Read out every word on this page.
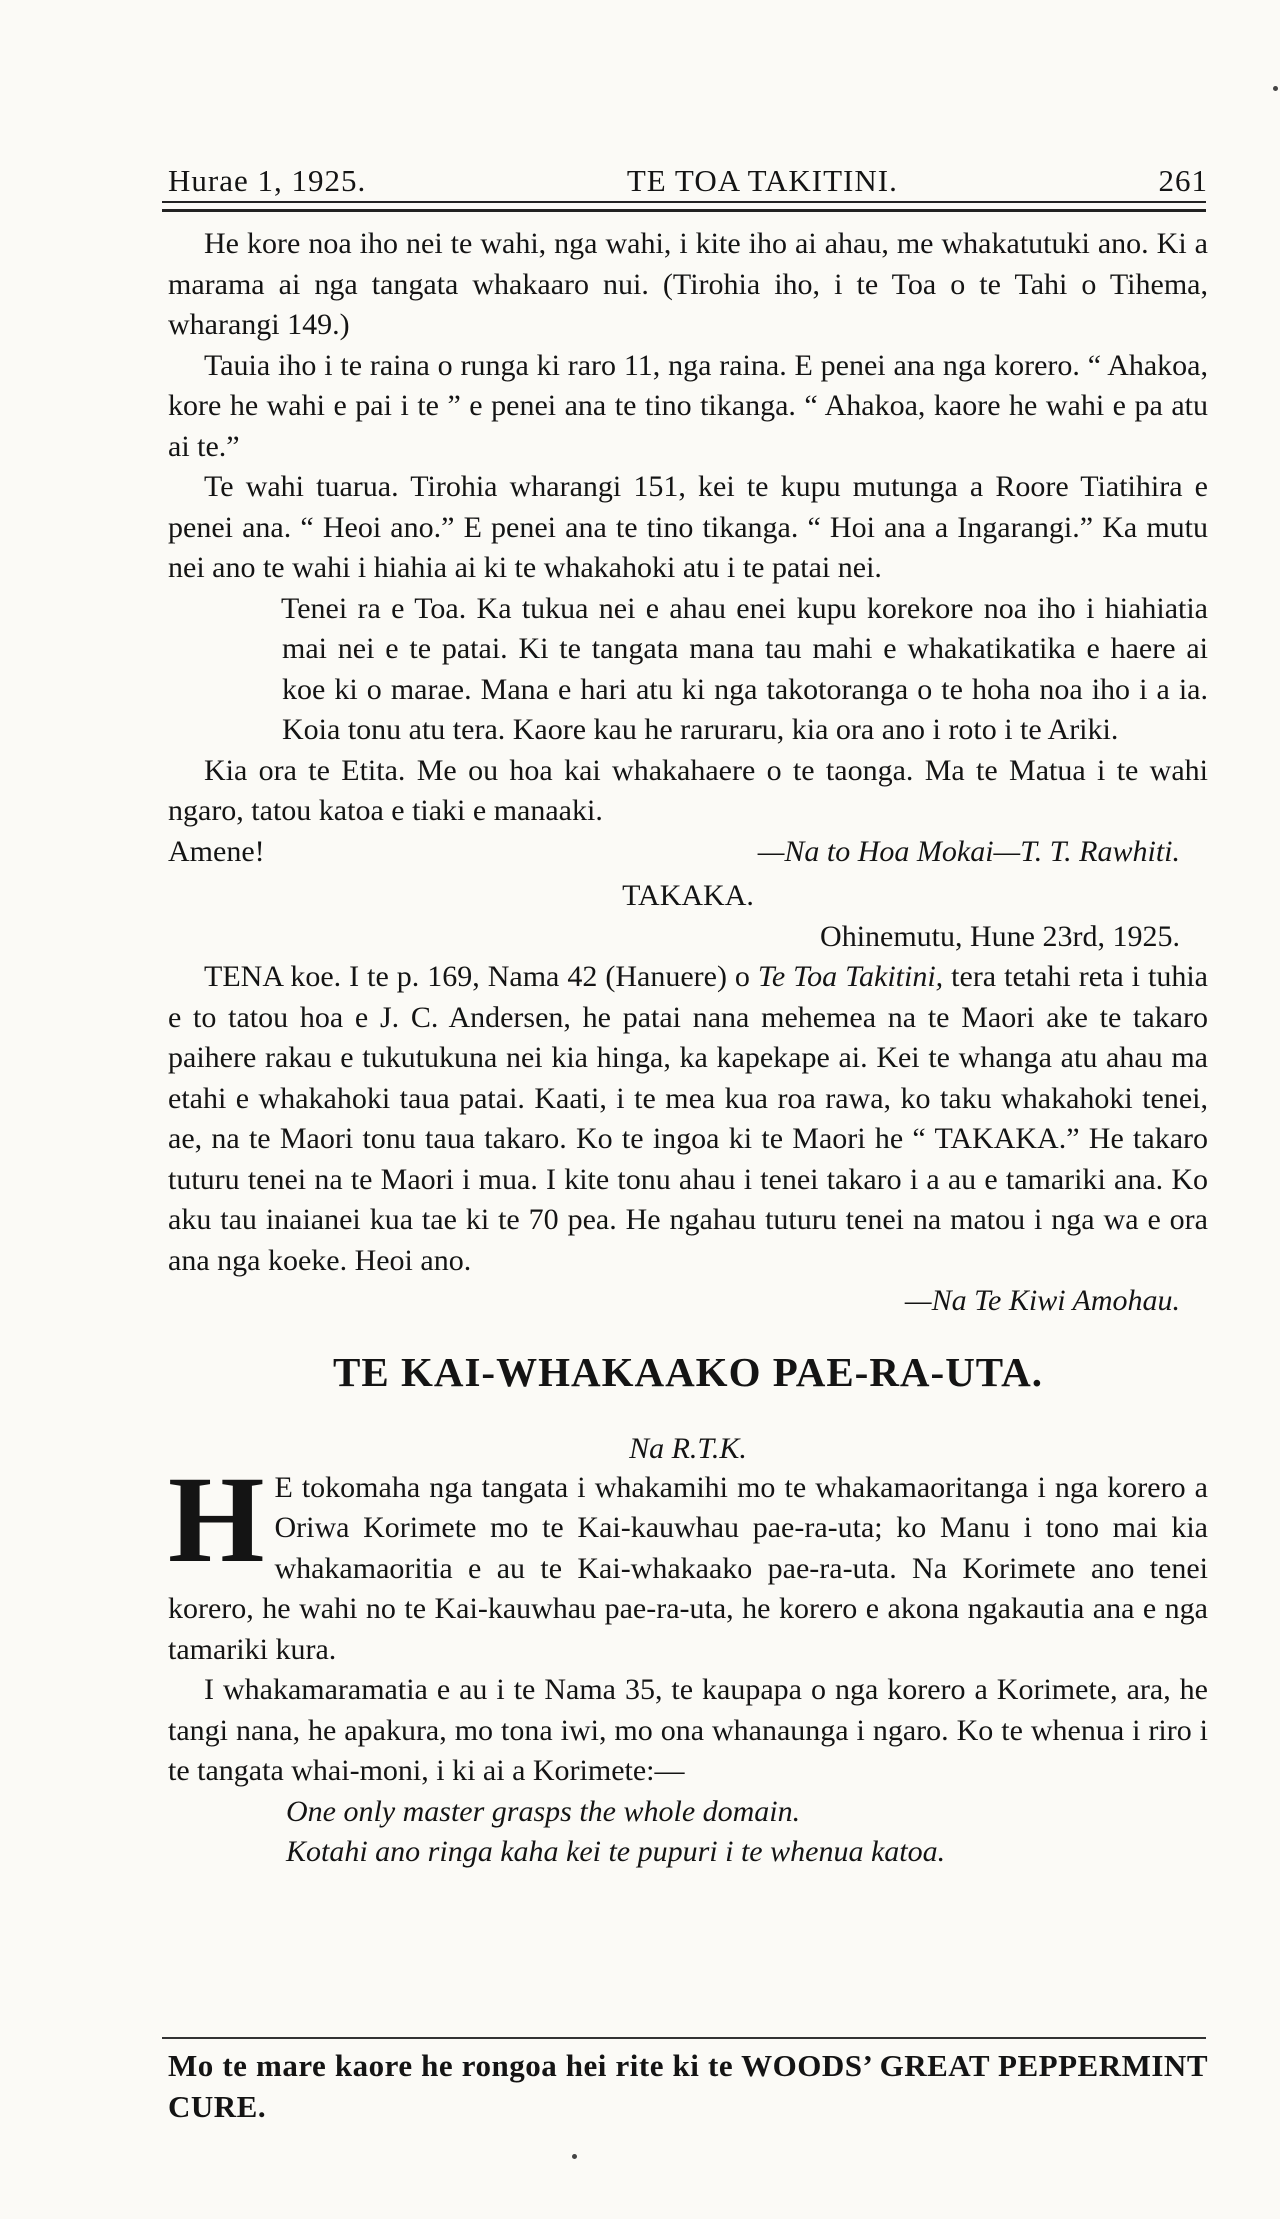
Hurae 1, 1925.	TE TOA TAKITINI.	261

He kore noa iho nei te wahi, nga wahi, i kite iho ai ahau, me whakatutuki ano. Ki a marama ai nga tangata whakaaro nui. (Tirohia iho, i te Toa o te Tahi o Tihema, wharangi 149.)

Tauia iho i te raina o runga ki raro 11, nga raina. E penei ana nga korero. “ Ahakoa, kore he wahi e pai i te ” e penei ana te tino tikanga. “ Ahakoa, kaore he wahi e pa atu ai te.”

Te wahi tuarua. Tirohia wharangi 151, kei te kupu mutunga a Roore Tiatihira e penei ana. “ Heoi ano.” E penei ana te tino tikanga. “ Hoi ana a Ingarangi.” Ka mutu nei ano te wahi i hiahia ai ki te whakahoki atu i te patai nei.

Tenei ra e Toa. Ka tukua nei e ahau enei kupu korekore noa iho i hiahiatia mai nei e te patai. Ki te tangata mana tau mahi e whakatikatika e haere ai koe ki o marae. Mana e hari atu ki nga takotoranga o te hoha noa iho i a ia. Koia tonu atu tera. Kaore kau he raruraru, kia ora ano i roto i te Ariki.

Kia ora te Etita. Me ou hoa kai whakahaere o te taonga. Ma te Matua i te wahi ngaro, tatou katoa e tiaki e manaaki.

Amene!	—Na to Hoa Mokai—T. T. Rawhiti.

TAKAKA.

Ohinemutu, Hune 23rd, 1925.

TENA koe. I te p. 169, Nama 42 (Hanuere) o Te Toa Takitini, tera tetahi reta i tuhia e to tatou hoa e J. C. Andersen, he patai nana mehemea na te Maori ake te takaro paihere rakau e tukutukuna nei kia hinga, ka kapekape ai. Kei te whanga atu ahau ma etahi e whakahoki taua patai. Kaati, i te mea kua roa rawa, ko taku whakahoki tenei, ae, na te Maori tonu taua takaro. Ko te ingoa ki te Maori he “ TAKAKA.” He takaro tuturu tenei na te Maori i mua. I kite tonu ahau i tenei takaro i a au e tamariki ana. Ko aku tau inaianei kua tae ki te 70 pea. He ngahau tuturu tenei na matou i nga wa e ora ana nga koeke. Heoi ano.

—Na Te Kiwi Amohau.

TE KAI-WHAKAAKO PAE-RA-UTA.

Na R.T.K.

H E tokomaha nga tangata i whakamihi mo te whakamaoritanga i nga korero a Oriwa Korimete mo te Kai-kauwhau pae-ra-uta; ko Manu i tono mai kia whakamaoritia e au te Kai-whakaako pae-ra-uta. Na Korimete ano tenei korero, he wahi no te Kai-kauwhau pae-ra-uta, he korero e akona ngakautia ana e nga tamariki kura.

I whakamaramatia e au i te Nama 35, te kaupapa o nga korero a Korimete, ara, he tangi nana, he apakura, mo tona iwi, mo ona whanaunga i ngaro. Ko te whenua i riro i te tangata whai-moni, i ki ai a Korimete:—

One only master grasps the whole domain.

Kotahi ano ringa kaha kei te pupuri i te whenua katoa.

Mo te mare kaore he rongoa hei rite ki te WOODS’ GREAT PEPPERMINT CURE.
